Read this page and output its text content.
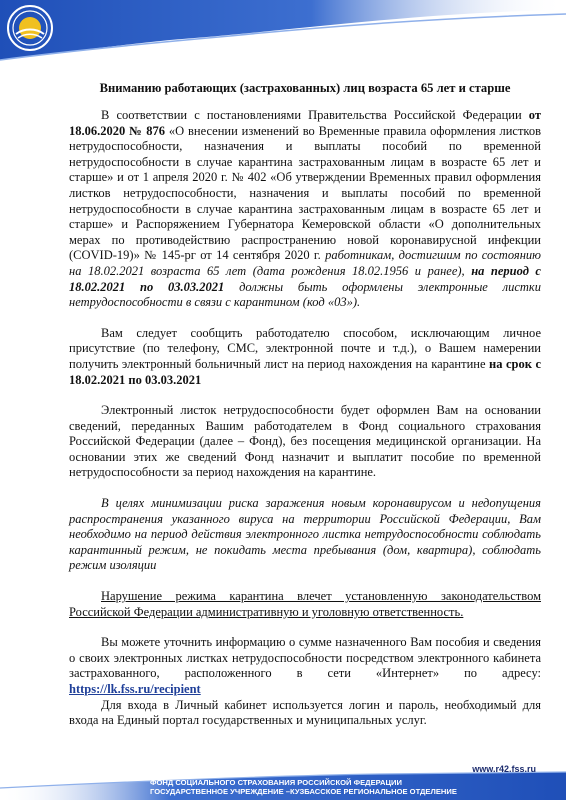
Вниманию работающих (застрахованных) лиц возраста 65 лет и старше

В соответствии с постановлениями Правительства Российской Федерации от 18.06.2020 № 876 «О внесении изменений во Временные правила оформления листков нетрудоспособности, назначения и выплаты пособий по временной нетрудоспособности в случае карантина застрахованным лицам в возрасте 65 лет и старше» и от 1 апреля 2020 г. № 402 «Об утверждении Временных правил оформления листков нетрудоспособности, назначения и выплаты пособий по временной нетрудоспособности в случае карантина застрахованным лицам в возрасте 65 лет и старше» и Распоряжением Губернатора Кемеровской области «О дополнительных мерах по противодействию распространению новой коронавирусной инфекции (COVID-19)» № 145-рг от 14 сентября 2020 г. работникам, достигшим по состоянию на 18.02.2021 возраста 65 лет (дата рождения 18.02.1956 и ранее), на период с 18.02.2021 по 03.03.2021 должны быть оформлены электронные листки нетрудоспособности в связи с карантином (код «03»).

Вам следует сообщить работодателю способом, исключающим личное присутствие (по телефону, СМС, электронной почте и т.д.), о Вашем намерении получить электронный больничный лист на период нахождения на карантине на срок с 18.02.2021 по 03.03.2021

Электронный листок нетрудоспособности будет оформлен Вам на основании сведений, переданных Вашим работодателем в Фонд социального страхования Российской Федерации (далее – Фонд), без посещения медицинской организации. На основании этих же сведений Фонд назначит и выплатит пособие по временной нетрудоспособности за период нахождения на карантине.

В целях минимизации риска заражения новым коронавирусом и недопущения распространения указанного вируса на территории Российской Федерации, Вам необходимо на период действия электронного листка нетрудоспособности соблюдать карантинный режим, не покидать места пребывания (дом, квартира), соблюдать режим изоляции

Нарушение режима карантина влечет установленную законодательством Российской Федерации административную и уголовную ответственность.

Вы можете уточнить информацию о сумме назначенного Вам пособия и сведения о своих электронных листках нетрудоспособности посредством электронного кабинета застрахованного, расположенного в сети «Интернет» по адресу: https://lk.fss.ru/recipient

Для входа в Личный кабинет используется логин и пароль, необходимый для входа на Единый портал государственных и муниципальных услуг.

www.r42.fss.ru
ФОНД СОЦИАЛЬНОГО СТРАХОВАНИЯ РОССИЙСКОЙ ФЕДЕРАЦИИ
ГОСУДАРСТВЕННОЕ УЧРЕЖДЕНИЕ –КУЗБАССКОЕ РЕГИОНАЛЬНОЕ ОТДЕЛЕНИЕ
